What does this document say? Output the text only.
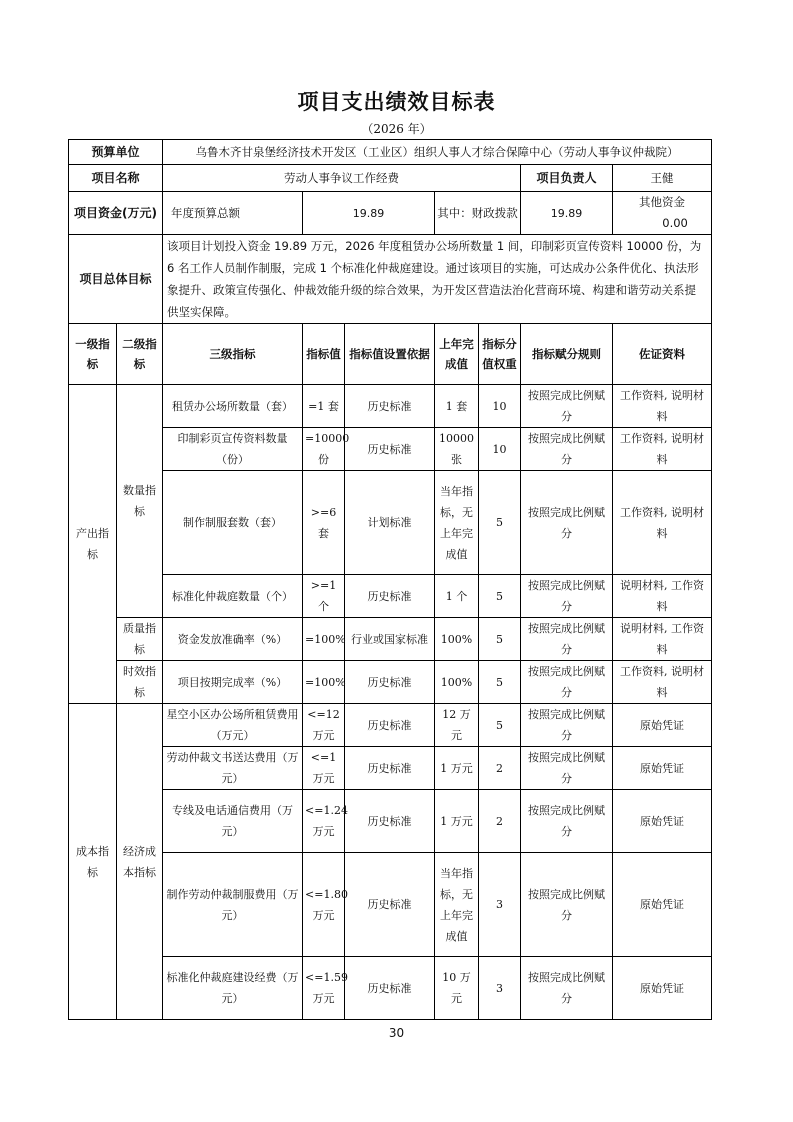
项目支出绩效目标表
（2026 年）
预算单位		乌鲁木齐甘泉堡经济技术开发区（工业区）组织人事人才综合保障中心（劳动人事争议仲裁院）						
项目名称		劳动人事争议工作经费					项目负责人	王健
项目资金(万元)		年度预算总额	19.89		其中：财政拨款		19.89	其他资金 0.00
项目总体目标		该项目计划投入资金 19.89 万元，2026 年度租赁办公场所数量 1 间，印制彩页宣传资料 10000 份，为 6 名工作人员制作制服，完成 1 个标准化仲裁庭建设。通过该项目的实施，可达成办公条件优化、执法形象提升、政策宣传强化、仲裁效能升级的综合效果，为开发区营造法治化营商环境、构建和谐劳动关系提供坚实保障。						
一级指标	二级指标	三级指标	指标值	指标值设置依据	上年完成值	指标分值权重	指标赋分规则	佐证资料
产出指标	数量指标	租赁办公场所数量（套）	=1 套	历史标准	1 套	10	按照完成比例赋分	工作资料, 说明材料
		印制彩页宣传资料数量（份）	=10000 份	历史标准	10000 张	10	按照完成比例赋分	工作资料, 说明材料
		制作制服套数（套）	>=6 套	计划标准	当年指标，无上年完成值	5	按照完成比例赋分	工作资料, 说明材料
		标准化仲裁庭数量（个）	>=1 个	历史标准	1 个	5	按照完成比例赋分	说明材料, 工作资料
	质量指标	资金发放准确率（%）	=100%	行业或国家标准	100%	5	按照完成比例赋分	说明材料, 工作资料
	时效指标	项目按期完成率（%）	=100%	历史标准	100%	5	按照完成比例赋分	工作资料, 说明材料
成本指标	经济成本指标	星空小区办公场所租赁费用（万元）	<=12 万元	历史标准	12 万元	5	按照完成比例赋分	原始凭证
		劳动仲裁文书送达费用（万元）	<=1 万元	历史标准	1 万元	2	按照完成比例赋分	原始凭证
		专线及电话通信费用（万元）	<=1.24 万元	历史标准	1 万元	2	按照完成比例赋分	原始凭证
		制作劳动仲裁制服费用（万元）	<=1.80 万元	历史标准	当年指标，无上年完成值	3	按照完成比例赋分	原始凭证
		标准化仲裁庭建设经费（万元）	<=1.59 万元	历史标准	10 万元	3	按照完成比例赋分	原始凭证
30
